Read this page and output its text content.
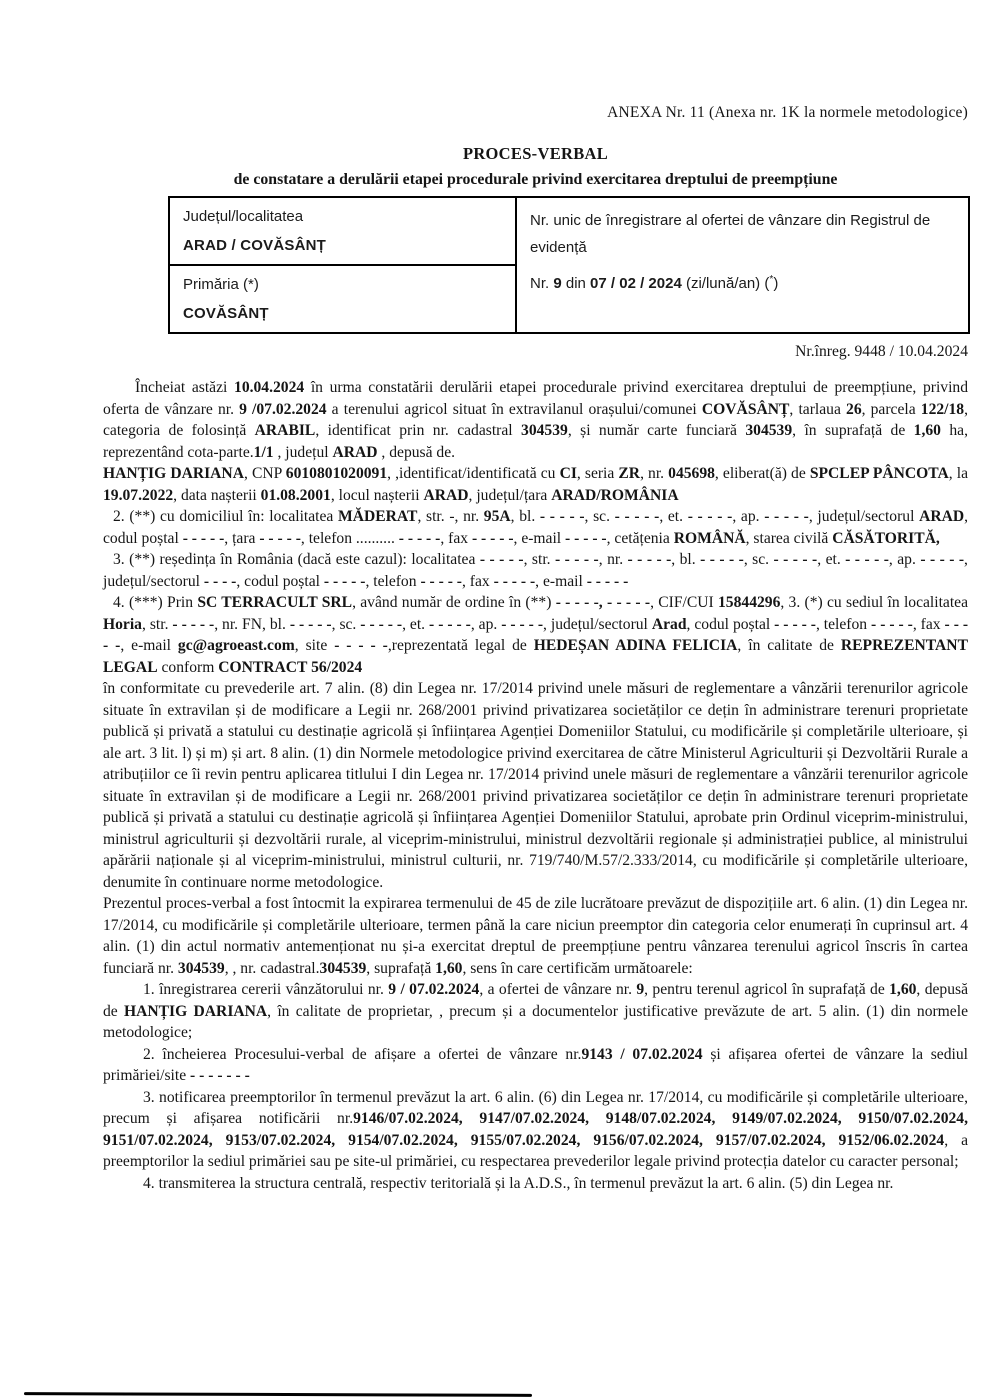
ANEXA Nr. 11 (Anexa nr. 1K la normele metodologice)
PROCES-VERBAL
de constatare a derulării etapei procedurale privind exercitarea dreptului de preempțiune
Județul/localitatea
ARAD / COVĂSÂNȚ

Nr. unic de înregistrare al ofertei de vânzare din Registrul de evidență
Nr. 9 din 07 / 02 / 2024 (zi/lună/an) (*)

Primăria (*)
COVĂSÂNȚ
Nr.înreg. 9448 / 10.04.2024

Încheiat astăzi 10.04.2024 în urma constatării derulării etapei procedurale privind exercitarea dreptului de preempțiune, privind oferta de vânzare nr. 9 /07.02.2024 a terenului agricol situat în extravilanul orașului/comunei COVĂSÂNȚ, tarlaua 26, parcela 122/18, categoria de folosință ARABIL, identificat prin nr. cadastral 304539, și număr carte funciară 304539, în suprafață de 1,60 ha, reprezentând cota-parte.1/1 , județul ARAD , depusă de.

HANȚIG DARIANA, CNP 6010801020091, ,identificat/identificată cu CI, seria ZR, nr. 045698, eliberat(ă) de SPCLEP PÂNCOTA, la 19.07.2022, data nașterii 01.08.2001, locul nașterii ARAD, județul/țara ARAD/ROMÂNIA

2. (**) cu domiciliul în: localitatea MĂDERAT, str. -, nr. 95A, bl. - - - - -, sc. - - - - -, et. - - - - -, ap. - - - - -, județul/sectorul ARAD, codul poștal - - - - -, țara - - - - -, telefon .......... - - - - -, fax - - - - -, e-mail - - - - -, cetățenia ROMÂNĂ, starea civilă CĂSĂTORITĂ,

3. (**) reședința în România (dacă este cazul): localitatea - - - - -, str. - - - - -, nr. - - - - -, bl. - - - - -, sc. - - - - -, et. - - - - -, ap. - - - - -, județul/sectorul - - - -, codul poștal - - - - -, telefon - - - - -, fax - - - - -, e-mail - - - - -

4. (***) Prin SC TERRACULT SRL, având număr de ordine în (**) - - - - -, - - - - -, CIF/CUI 15844296, 3. (*) cu sediul în localitatea Horia, str. - - - - -, nr. FN, bl. - - - - -, sc. - - - - -, et. - - - - -, ap. - - - - -, județul/sectorul Arad, codul poștal - - - - -, telefon - - - - -, fax - - - - -, e-mail gc@agroeast.com, site - - - - -,reprezentată legal de HEDEȘAN ADINA FELICIA, în calitate de REPREZENTANT LEGAL conform CONTRACT 56/2024

în conformitate cu prevederile art. 7 alin. (8) din Legea nr. 17/2014 privind unele măsuri de reglementare a vânzării terenurilor agricole situate în extravilan și de modificare a Legii nr. 268/2001 privind privatizarea societăților ce dețin în administrare terenuri proprietate publică și privată a statului cu destinație agricolă și înființarea Agenției Domeniilor Statului, cu modificările și completările ulterioare, și ale art. 3 lit. l) și m) și art. 8 alin. (1) din Normele metodologice privind exercitarea de către Ministerul Agriculturii și Dezvoltării Rurale a atribuțiilor ce îi revin pentru aplicarea titlului I din Legea nr. 17/2014 privind unele măsuri de reglementare a vânzării terenurilor agricole situate în extravilan și de modificare a Legii nr. 268/2001 privind privatizarea societăților ce dețin în administrare terenuri proprietate publică și privată a statului cu destinație agricolă și înființarea Agenției Domeniilor Statului, aprobate prin Ordinul viceprim-ministrului, ministrul agriculturii și dezvoltării rurale, al viceprim-ministrului, ministrul dezvoltării regionale și administrației publice, al ministrului apărării naționale și al viceprim-ministrului, ministrul culturii, nr. 719/740/M.57/2.333/2014, cu modificările și completările ulterioare, denumite în continuare norme metodologice.

Prezentul proces-verbal a fost întocmit la expirarea termenului de 45 de zile lucrătoare prevăzut de dispozițiile art. 6 alin. (1) din Legea nr. 17/2014, cu modificările și completările ulterioare, termen până la care niciun preemptor din categoria celor enumerați în cuprinsul art. 4 alin. (1) din actul normativ antemenționat nu și-a exercitat dreptul de preempțiune pentru vânzarea terenului agricol înscris în cartea funciară nr. 304539, , nr. cadastral.304539, suprafață 1,60, sens în care certificăm următoarele:

1. înregistrarea cererii vânzătorului nr. 9 / 07.02.2024, a ofertei de vânzare nr. 9, pentru terenul agricol în suprafață de 1,60, depusă de HANȚIG DARIANA, în calitate de proprietar, , precum și a documentelor justificative prevăzute de art. 5 alin. (1) din normele metodologice;

2. încheierea Procesului-verbal de afișare a ofertei de vânzare nr.9143 / 07.02.2024 și afișarea ofertei de vânzare la sediul primăriei/site - - - - - - -

3. notificarea preemptorilor în termenul prevăzut la art. 6 alin. (6) din Legea nr. 17/2014, cu modificările și completările ulterioare, precum și afișarea notificării nr.9146/07.02.2024, 9147/07.02.2024, 9148/07.02.2024, 9149/07.02.2024, 9150/07.02.2024, 9151/07.02.2024, 9153/07.02.2024, 9154/07.02.2024, 9155/07.02.2024, 9156/07.02.2024, 9157/07.02.2024, 9152/06.02.2024, a preemptorilor la sediul primăriei sau pe site-ul primăriei, cu respectarea prevederilor legale privind protecția datelor cu caracter personal;

4. transmiterea la structura centrală, respectiv teritorială și la A.D.S., în termenul prevăzut la art. 6 alin. (5) din Legea nr.
